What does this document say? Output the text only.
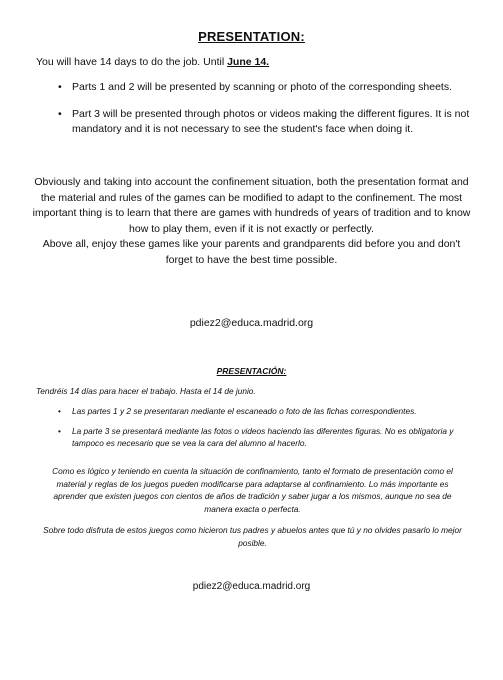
PRESENTATION:
You will have 14 days to do the job. Until June 14.
• Parts 1 and 2 will be presented by scanning or photo of the corresponding sheets.
• Part 3 will be presented through photos or videos making the different figures. It is not mandatory and it is not necessary to see the student's face when doing it.
Obviously and taking into account the confinement situation, both the presentation format and the material and rules of the games can be modified to adapt to the confinement. The most important thing is to learn that there are games with hundreds of years of tradition and to know how to play them, even if it is not exactly or perfectly.
Above all, enjoy these games like your parents and grandparents did before you and don't forget to have the best time possible.
pdiez2@educa.madrid.org
PRESENTACIÓN:
Tendréis 14 días para hacer el trabajo. Hasta el 14 de junio.
• Las partes 1 y 2 se presentaran mediante el escaneado o foto de las fichas correspondientes.
• La parte 3 se presentará mediante las fotos o videos haciendo las diferentes figuras. No es obligatoria y tampoco es necesario que se vea la cara del alumno al hacerlo.
Como es lógico y teniendo en cuenta la situación de confinamiento, tanto el formato de presentación como el material y reglas de los juegos pueden modificarse para adaptarse al confinamiento. Lo más importante es aprender que existen juegos con cientos de años de tradición y saber jugar a los mismos, aunque no sea de manera exacta o perfecta.
Sobre todo disfruta de estos juegos como hicieron tus padres y abuelos antes que tú y no olvides pasarlo lo mejor posible.
pdiez2@educa.madrid.org
